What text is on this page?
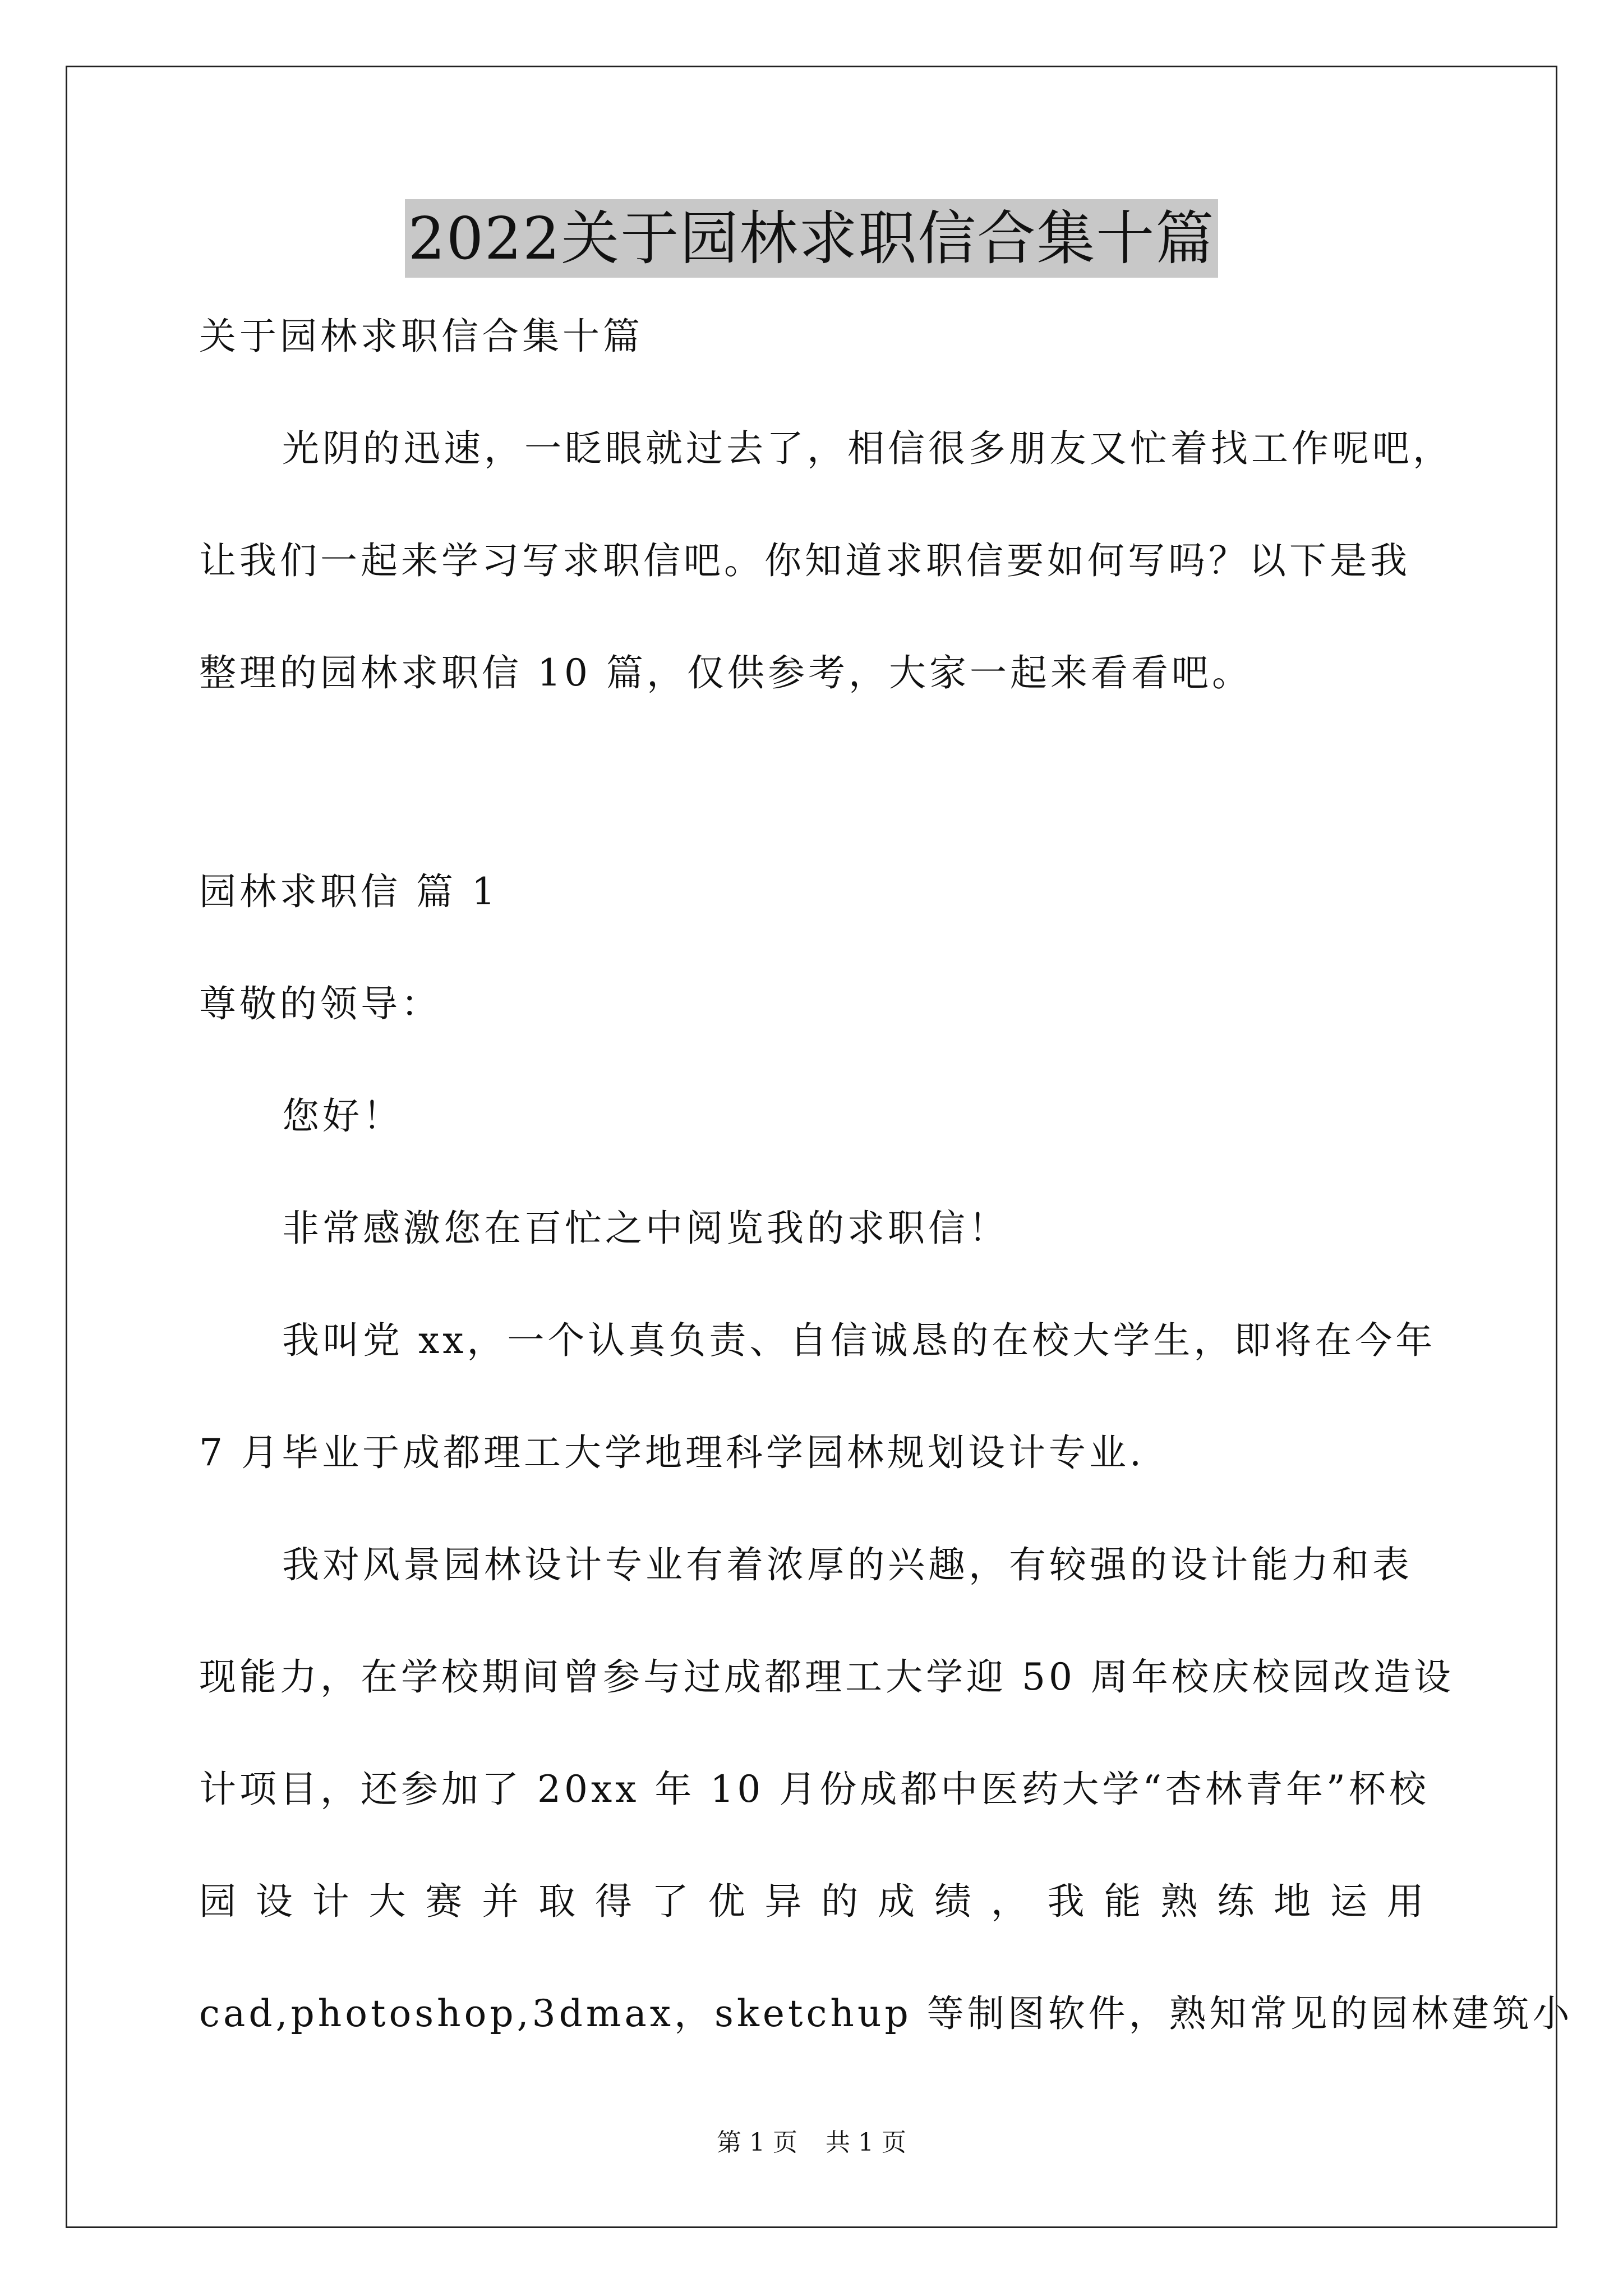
2022关于园林求职信合集十篇
关于园林求职信合集十篇
光阴的迅速，一眨眼就过去了，相信很多朋友又忙着找工作呢吧，
让我们一起来学习写求职信吧。你知道求职信要如何写吗？以下是我
整理的园林求职信 10 篇，仅供参考，大家一起来看看吧。
园林求职信 篇 1
尊敬的领导：
您好！
非常感激您在百忙之中阅览我的求职信！
我叫党 xx，一个认真负责、自信诚恳的在校大学生，即将在今年
7 月毕业于成都理工大学地理科学园林规划设计专业.
我对风景园林设计专业有着浓厚的兴趣，有较强的设计能力和表
现能力，在学校期间曾参与过成都理工大学迎 50 周年校庆校园改造设
计项目，还参加了 20xx 年 10 月份成都中医药大学“杏林青年”杯校
园 设 计 大 赛 并 取 得 了 优 异 的 成 绩 ， 我 能 熟 练 地 运 用
cad,photoshop,3dmax，sketchup 等制图软件，熟知常见的园林建筑小
第 1 页 共 1 页
